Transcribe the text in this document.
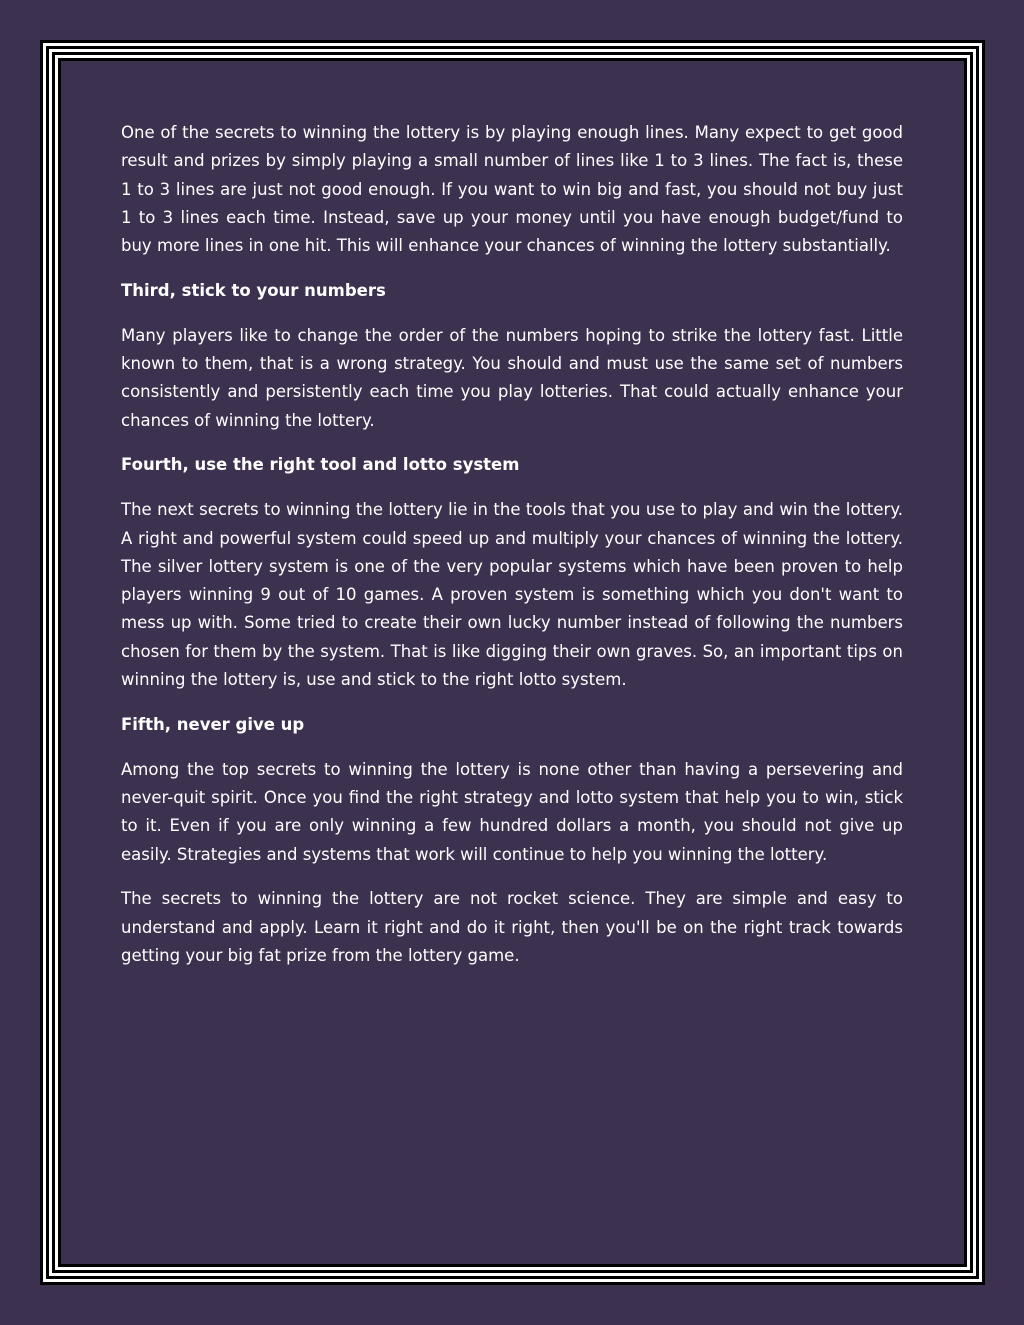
One of the secrets to winning the lottery is by playing enough lines. Many expect to get good result and prizes by simply playing a small number of lines like 1 to 3 lines. The fact is, these 1 to 3 lines are just not good enough. If you want to win big and fast, you should not buy just 1 to 3 lines each time. Instead, save up your money until you have enough budget/fund to buy more lines in one hit. This will enhance your chances of winning the lottery substantially.

Third, stick to your numbers

Many players like to change the order of the numbers hoping to strike the lottery fast. Little known to them, that is a wrong strategy. You should and must use the same set of numbers consistently and persistently each time you play lotteries. That could actually enhance your chances of winning the lottery.

Fourth, use the right tool and lotto system

The next secrets to winning the lottery lie in the tools that you use to play and win the lottery. A right and powerful system could speed up and multiply your chances of winning the lottery. The silver lottery system is one of the very popular systems which have been proven to help players winning 9 out of 10 games. A proven system is something which you don't want to mess up with. Some tried to create their own lucky number instead of following the numbers chosen for them by the system. That is like digging their own graves. So, an important tips on winning the lottery is, use and stick to the right lotto system.

Fifth, never give up

Among the top secrets to winning the lottery is none other than having a persevering and never-quit spirit. Once you find the right strategy and lotto system that help you to win, stick to it. Even if you are only winning a few hundred dollars a month, you should not give up easily. Strategies and systems that work will continue to help you winning the lottery.

The secrets to winning the lottery are not rocket science. They are simple and easy to understand and apply. Learn it right and do it right, then you'll be on the right track towards getting your big fat prize from the lottery game.
